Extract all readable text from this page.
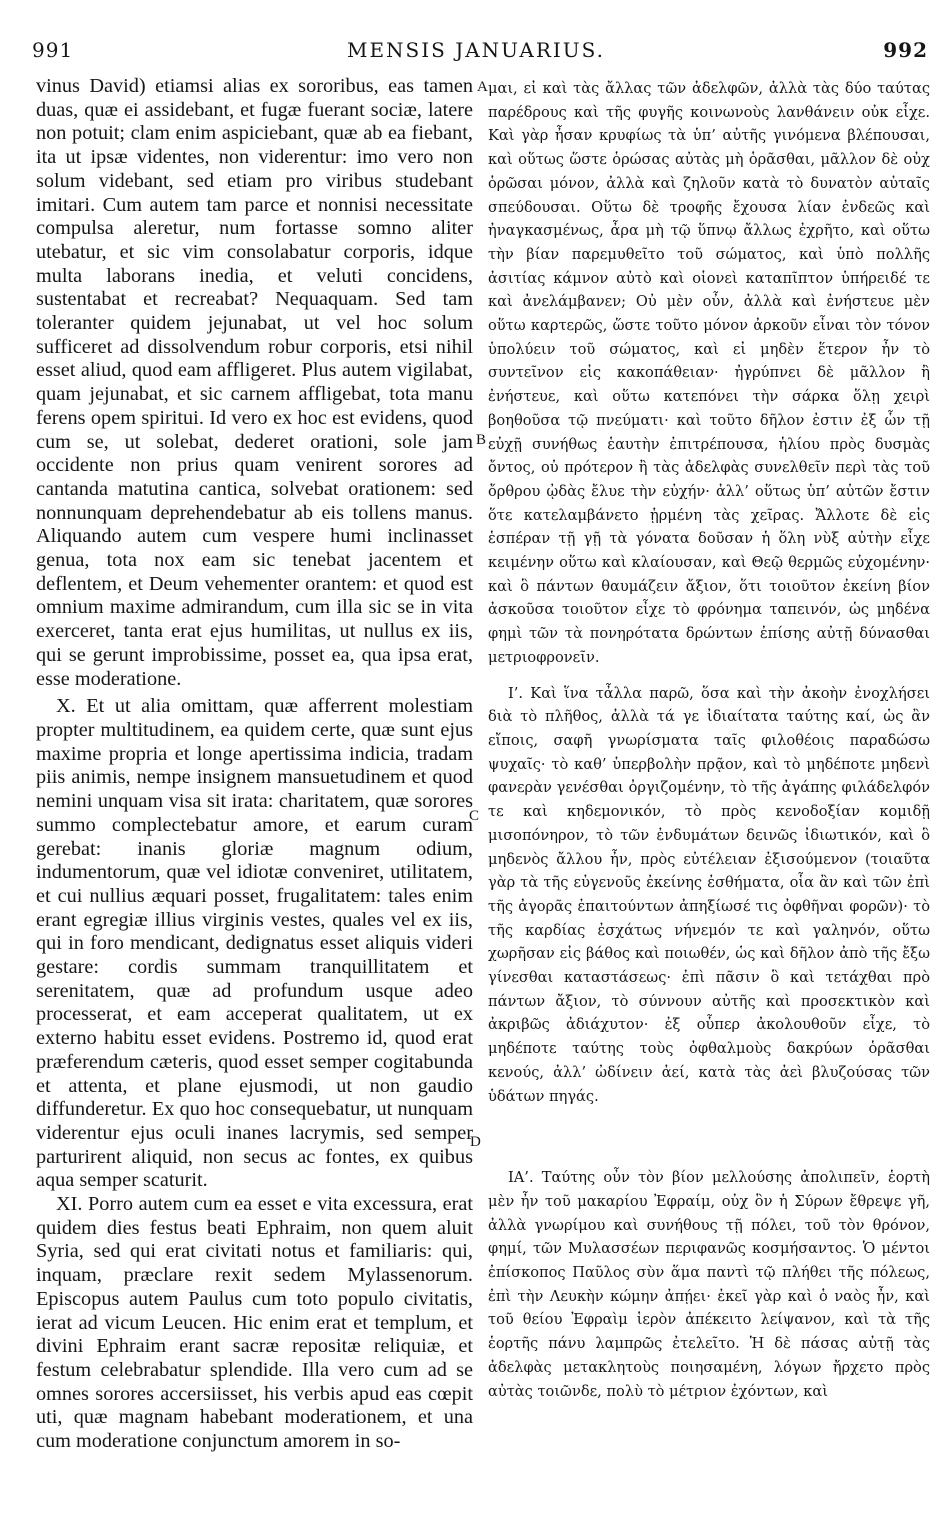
991	MENSIS JANUARIUS.	992

vinus David) etiamsi alias ex sororibus, eas tamen duas, quæ ei assidebant, et fugæ fuerant sociæ, latere non potuit; clam enim aspiciebant, quæ ab ea fiebant, ita ut ipsæ videntes, non viderentur: imo vero non solum videbant, sed etiam pro viribus studebant imitari. Cum autem tam parce et nonnisi necessitate compulsa aleretur, num fortasse somno aliter utebatur, et sic vim consolabatur corporis, idque multa laborans inedia, et veluti concidens, sustentabat et recreabat? Nequaquam. Sed tam toleranter quidem jejunabat, ut vel hoc solum sufficeret ad dissolvendum robur corporis, etsi nihil esset aliud, quod eam affligeret. Plus autem vigilabat, quam jejunabat, et sic carnem affligebat, tota manu ferens opem spiritui. Id vero ex hoc est evidens, quod cum se, ut solebat, dederet orationi, sole jam occidente non prius quam venirent sorores ad cantanda matutina cantica, solvebat orationem: sed nonnunquam deprehendebatur ab eis tollens manus. Aliquando autem cum vespere humi inclinasset genua, tota nox eam sic tenebat jacentem et deflentem, et Deum vehementer orantem: et quod est omnium maxime admirandum, cum illa sic se in vita exerceret, tanta erat ejus humilitas, ut nullus ex iis, qui se gerunt improbissime, posset ea, qua ipsa erat, esse moderatione.

X. Et ut alia omittam, quæ afferrent molestiam propter multitudinem, ea quidem certe, quæ sunt ejus maxime propria et longe apertissima indicia, tradam piis animis, nempe insignem mansuetudinem et quod nemini unquam visa sit irata: charitatem, quæ sorores summo complectebatur amore, et earum curam gerebat: inanis gloriæ magnum odium, indumentorum, quæ vel idiotæ conveniret, utilitatem, et cui nullius æquari posset, frugalitatem: tales enim erant egregiæ illius virginis vestes, quales vel ex iis, qui in foro mendicant, dedignatus esset aliquis videri gestare: cordis summam tranquillitatem et serenitatem, quæ ad profundum usque adeo processerat, et eam acceperat qualitatem, ut ex externo habitu esset evidens. Postremo id, quod erat præferendum cæteris, quod esset semper cogitabunda et attenta, et plane ejusmodi, ut non gaudio diffunderetur. Ex quo hoc consequebatur, ut nunquam viderentur ejus oculi inanes lacrymis, sed semper parturirent aliquid, non secus ac fontes, ex quibus aqua semper scaturit.

XI. Porro autem cum ea esset e vita excessura, erat quidem dies festus beati Ephraim, non quem aluit Syria, sed qui erat civitati notus et familiaris: qui, inquam, præclare rexit sedem Mylassenorum. Episcopus autem Paulus cum toto populo civitatis, ierat ad vicum Leucen. Hic enim erat et templum, et divini Ephraim erant sacræ repositæ reliquiæ, et festum celebrabatur splendide. Illa vero cum ad se omnes sorores accersiisset, his verbis apud eas cœpit uti, quæ magnam habebant moderationem, et una cum moderatione conjunctum amorem in so-

μαι, εἰ καὶ τὰς ἄλλας τῶν ἀδελφῶν, ἀλλὰ τὰς δύο ταύτας παρέδρους καὶ τῆς φυγῆς κοινωνοὺς λανθάνειν οὐκ εἶχε. Καὶ γὰρ ἦσαν κρυφίως τὰ ὑπ’ αὐτῆς γινόμενα βλέπουσαι, καὶ οὕτως ὥστε ὁρώσας αὐτὰς μὴ ὁρᾶσθαι, μᾶλλον δὲ οὐχ ὁρῶσαι μόνον, ἀλλὰ καὶ ζηλοῦν κατὰ τὸ δυνατὸν αὐταῖς σπεύδουσαι. Οὕτω δὲ τροφῆς ἔχουσα λίαν ἐνδεῶς καὶ ἠναγκασμένως, ἆρα μὴ τῷ ὕπνῳ ἄλλως ἐχρῆτο, καὶ οὕτω τὴν βίαν παρεμυθεῖτο τοῦ σώματος, καὶ ὑπὸ πολλῆς ἀσιτίας κάμνον αὐτὸ καὶ οἱονεὶ καταπῖπτον ὑπήρειδέ τε καὶ ἀνελάμβανεν; Οὐ μὲν οὖν, ἀλλὰ καὶ ἐνήστευε μὲν οὕτω καρτερῶς, ὥστε τοῦτο μόνον ἀρκοῦν εἶναι τὸν τόνον ὑπολύειν τοῦ σώματος, καὶ εἰ μηδὲν ἕτερον ἦν τὸ συντεῖνον εἰς κακοπάθειαν· ἠγρύπνει δὲ μᾶλλον ἢ ἐνήστευε, καὶ οὕτω κατεπόνει τὴν σάρκα ὅλῃ χειρὶ βοηθοῦσα τῷ πνεύματι· καὶ τοῦτο δῆλον ἐστιν ἐξ ὧν τῇ εὐχῇ συνήθως ἑαυτὴν ἐπιτρέπουσα, ἡλίου πρὸς δυσμὰς ὄντος, οὐ πρότερον ἢ τὰς ἀδελφὰς συνελθεῖν περὶ τὰς τοῦ ὄρθρου ᾠδὰς ἔλυε τὴν εὐχήν· ἀλλ’ οὕτως ὑπ’ αὐτῶν ἔστιν ὅτε κατελαμβάνετο ᾑρμένη τὰς χεῖρας. Ἄλλοτε δὲ εἰς ἑσπέραν τῇ γῇ τὰ γόνατα δοῦσαν ἡ ὅλη νὺξ αὐτὴν εἶχε κειμένην οὕτω καὶ κλαίουσαν, καὶ Θεῷ θερμῶς εὐχομένην· καὶ ὃ πάντων θαυμάζειν ἄξιον, ὅτι τοιοῦτον ἐκείνη βίον ἀσκοῦσα τοιοῦτον εἶχε τὸ φρόνημα ταπεινόν, ὡς μηδένα φημὶ τῶν τὰ πονηρότατα δρώντων ἐπίσης αὐτῇ δύνασθαι μετριοφρονεῖν.

Ι’. Καὶ ἵνα τἆλλα παρῶ, ὅσα καὶ τὴν ἀκοὴν ἐνοχλήσει διὰ τὸ πλῆθος, ἀλλὰ τά γε ἰδιαίτατα ταύτης καί, ὡς ἂν εἴποις, σαφῆ γνωρίσματα ταῖς φιλοθέοις παραδώσω ψυχαῖς· τὸ καθ’ ὑπερβολὴν πρᾷον, καὶ τὸ μηδέποτε μηδενὶ φανερὰν γενέσθαι ὀργιζομένην, τὸ τῆς ἀγάπης φιλάδελφόν τε καὶ κηδεμονικόν, τὸ πρὸς κενοδοξίαν κομιδῇ μισοπόνηρον, τὸ τῶν ἐνδυμάτων δεινῶς ἰδιωτικόν, καὶ ὃ μηδενὸς ἄλλου ἦν, πρὸς εὐτέλειαν ἐξισούμενον (τοιαῦτα γὰρ τὰ τῆς εὐγενοῦς ἐκείνης ἐσθήματα, οἷα ἂν καὶ τῶν ἐπὶ τῆς ἀγορᾶς ἐπαιτούντων ἀπηξίωσέ τις ὀφθῆναι φορῶν)· τὸ τῆς καρδίας ἐσχάτως νήνεμόν τε καὶ γαληνόν, οὕτω χωρῆσαν εἰς βάθος καὶ ποιωθέν, ὡς καὶ δῆλον ἀπὸ τῆς ἔξω γίνεσθαι καταστάσεως· ἐπὶ πᾶσιν ὃ καὶ τετάχθαι πρὸ πάντων ἄξιον, τὸ σύννουν αὐτῆς καὶ προσεκτικὸν καὶ ἀκριβῶς ἀδιάχυτον· ἐξ οὗπερ ἀκολουθοῦν εἶχε, τὸ μηδέποτε ταύτης τοὺς ὀφθαλμοὺς δακρύων ὁρᾶσθαι κενούς, ἀλλ’ ὠδίνειν ἀεί, κατὰ τὰς ἀεὶ βλυζούσας τῶν ὑδάτων πηγάς.

ΙΑ’. Ταύτης οὖν τὸν βίον μελλούσης ἀπολιπεῖν, ἑορτὴ μὲν ἦν τοῦ μακαρίου Ἐφραίμ, οὐχ ὃν ἡ Σύρων ἔθρεψε γῆ, ἀλλὰ γνωρίμου καὶ συνήθους τῇ πόλει, τοῦ τὸν θρόνον, φημί, τῶν Μυλασσέων περιφανῶς κοσμήσαντος. Ὁ μέντοι ἐπίσκοπος Παῦλος σὺν ἅμα παντὶ τῷ πλήθει τῆς πόλεως, ἐπὶ τὴν Λευκὴν κώμην ἀπῄει· ἐκεῖ γὰρ καὶ ὁ ναὸς ἦν, καὶ τοῦ θείου Ἐφραὶμ ἱερὸν ἀπέκειτο λείψανον, καὶ τὰ τῆς ἑορτῆς πάνυ λαμπρῶς ἐτελεῖτο. Ἡ δὲ πάσας αὐτῇ τὰς ἀδελφὰς μετακλητοὺς ποιησαμένη, λόγων ἤρχετο πρὸς αὐτὰς τοιῶνδε, πολὺ τὸ μέτριον ἐχόντων, καὶ

A
B
C
D
